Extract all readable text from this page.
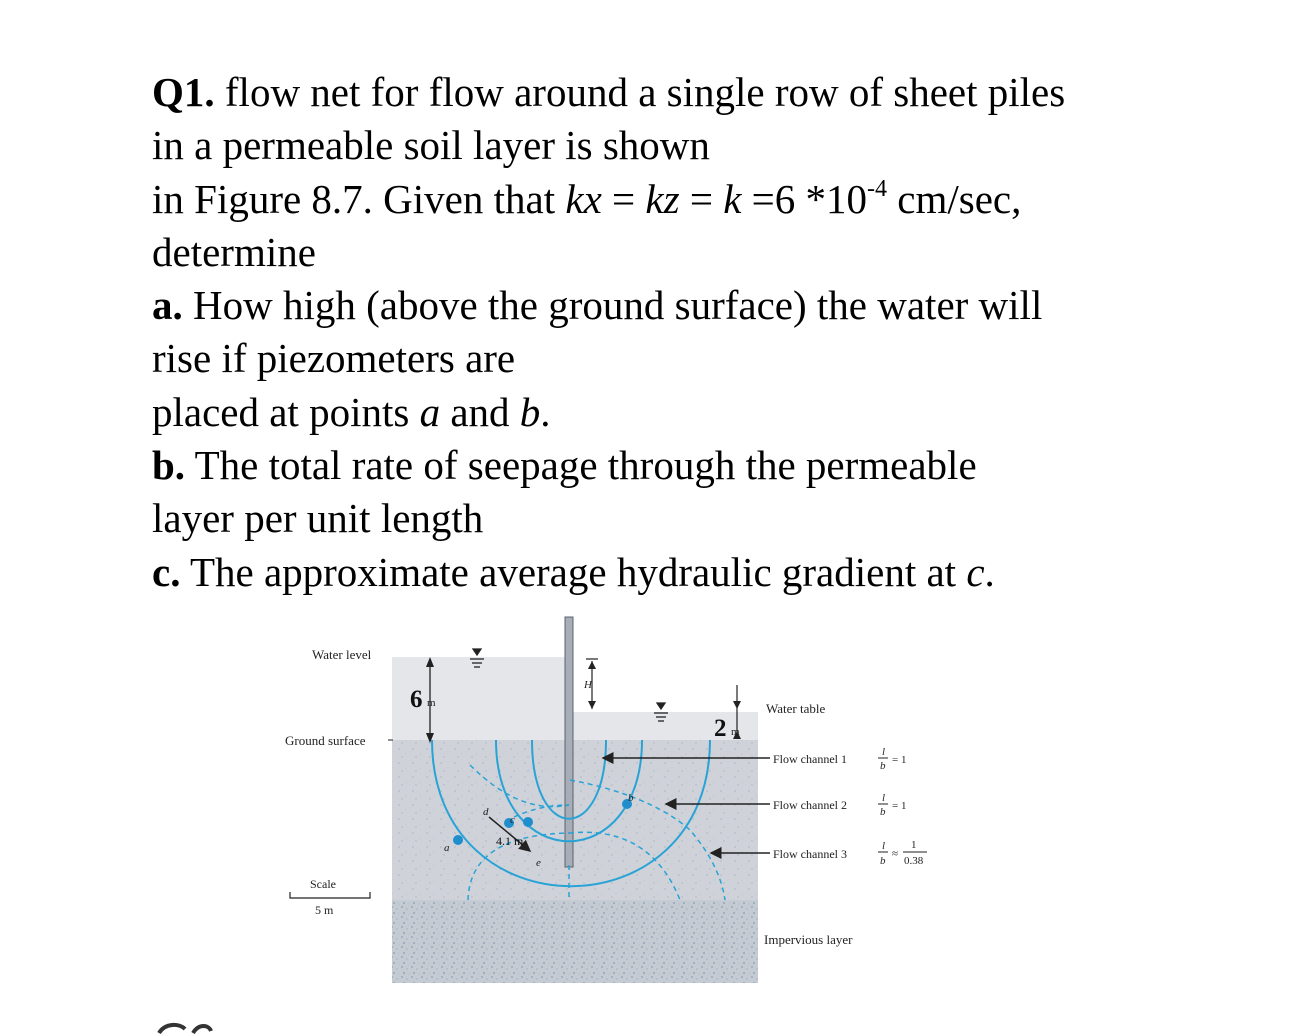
Q1. flow net for flow around a single row of sheet piles
in a permeable soil layer is shown
in Figure 8.7. Given that kx = kz = k =6 $*10^{-4}$ cm/sec,
determine
a. How high (above the ground surface) the water will
rise if piezometers are
placed at points a and b.
b. The total rate of seepage through the permeable
layer per unit length
c. The approximate average hydraulic gradient at c.
Water level
Ground surface
Water table
6 m
2 m
H
4.1 m
a
b
c
d
e
Scale
5 m
Flow channel 1
Flow channel 2
Flow channel 3
l
b = 1
l
b = 1
l
b
≈
1
0.38
Impervious layer
